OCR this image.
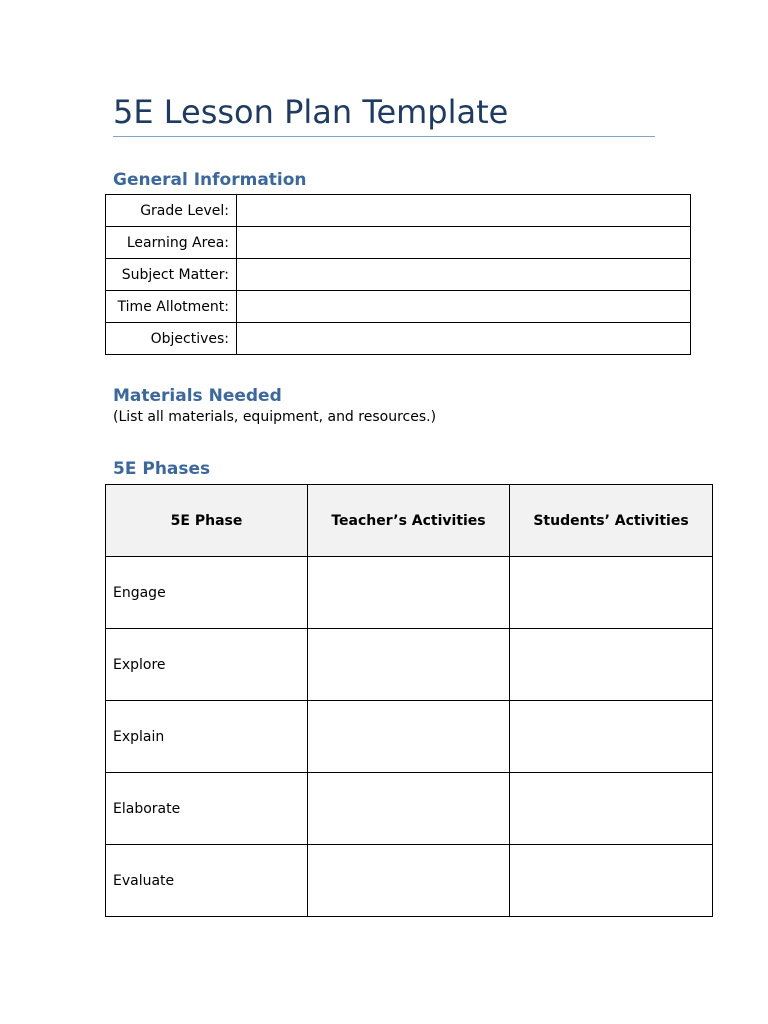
5E Lesson Plan Template
General Information
Grade Level:	
Learning Area:	
Subject Matter:	
Time Allotment:	
Objectives:	
Materials Needed
(List all materials, equipment, and resources.)
5E Phases
5E Phase	Teacher’s Activities	Students’ Activities
Engage		
Explore		
Explain		
Elaborate		
Evaluate		
